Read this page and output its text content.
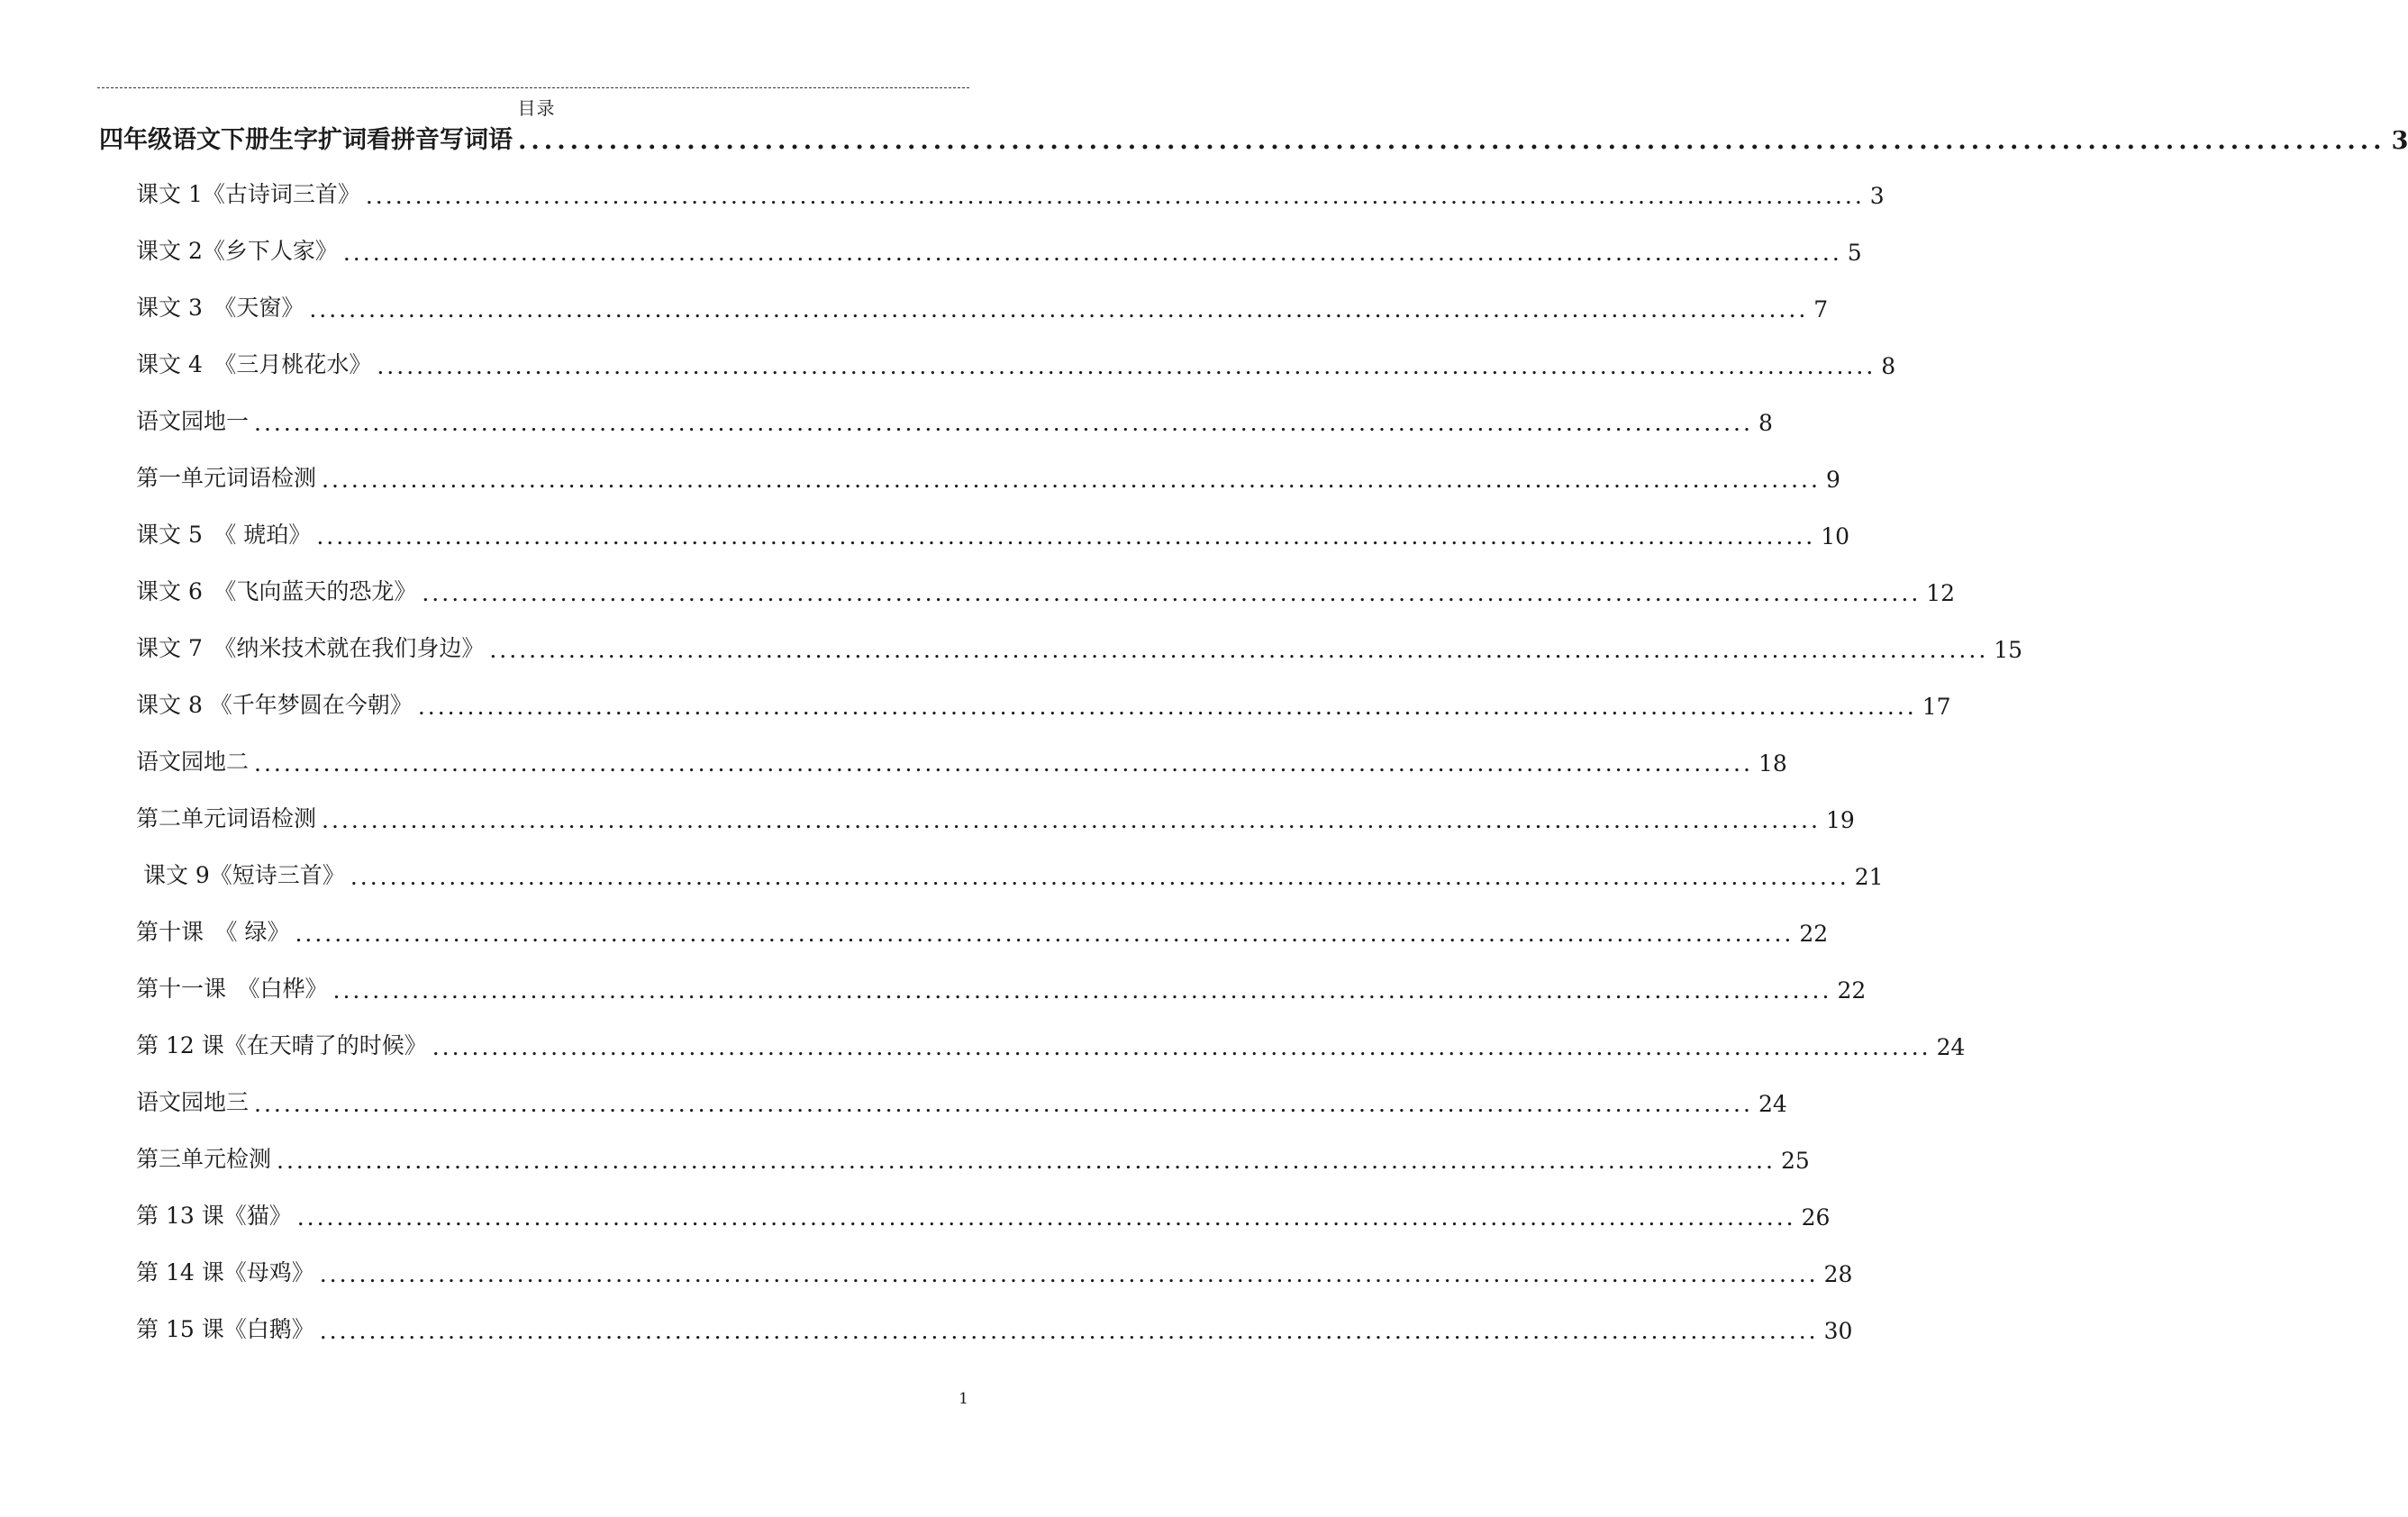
目录
四年级语文下册生字扩词看拼音写词语 ................................................................................................................................................ 3
课文 1《古诗词三首》 ........................................................................................................................................................ 3
课文 2《乡下人家》 ........................................................................................................................................................ 5
课文 3　《天窗》 ........................................................................................................................................................ 7
课文 4　《三月桃花水》 ........................................................................................................................................................ 8
语文园地一 ........................................................................................................................................................ 8
第一单元词语检测 ........................................................................................................................................................ 9
课文 5　《 琥珀》 ........................................................................................................................................................ 10
课文 6　《飞向蓝天的恐龙》 ........................................................................................................................................................ 12
课文 7　《纳米技术就在我们身边》 ........................................................................................................................................................ 15
课文 8 《千年梦圆在今朝》 ........................................................................................................................................................ 17
语文园地二 ........................................................................................................................................................ 18
第二单元词语检测 ........................................................................................................................................................ 19
课文 9《短诗三首》 ........................................................................................................................................................ 21
第十课　《 绿》 ........................................................................................................................................................ 22
第十一课　《白桦》 ........................................................................................................................................................ 22
第 12 课《在天晴了的时候》 ........................................................................................................................................................ 24
语文园地三 ........................................................................................................................................................ 24
第三单元检测 ........................................................................................................................................................ 25
第 13 课《猫》 ........................................................................................................................................................ 26
第 14 课《母鸡》 ........................................................................................................................................................ 28
第 15 课《白鹅》 ........................................................................................................................................................ 30
1
